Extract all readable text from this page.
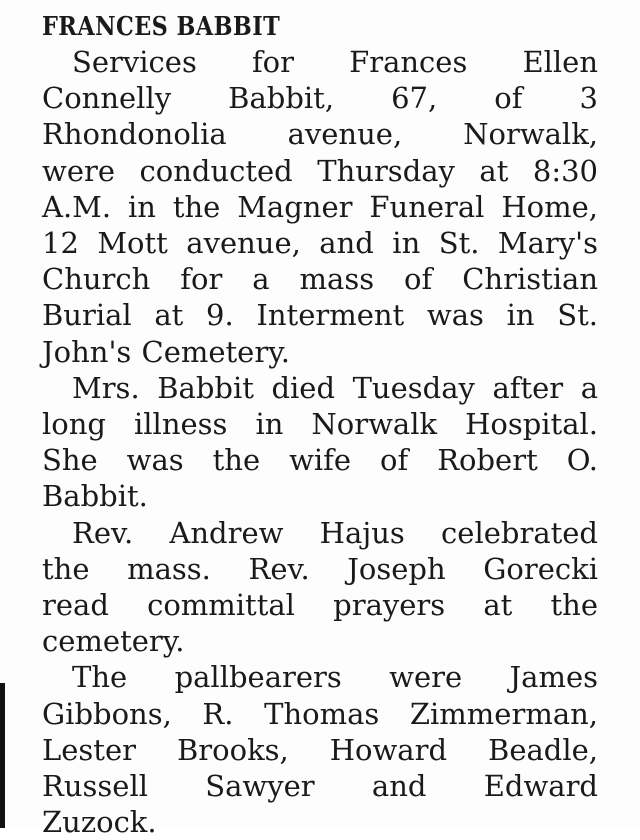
FRANCES BABBIT

Services for Frances Ellen
Connelly Babbit, 67, of 3
Rhondonolia avenue, Norwalk,
were conducted Thursday at 8:30
A.M. in the Magner Funeral Home,
12 Mott avenue, and in St. Mary's
Church for a mass of Christian
Burial at 9. Interment was in St.
John's Cemetery.

Mrs. Babbit died Tuesday after a
long illness in Norwalk Hospital.
She was the wife of Robert O.
Babbit.

Rev. Andrew Hajus celebrated
the mass. Rev. Joseph Gorecki
read committal prayers at the
cemetery.

The pallbearers were James
Gibbons, R. Thomas Zimmerman,
Lester Brooks, Howard Beadle,
Russell Sawyer and Edward
Zuzock.
